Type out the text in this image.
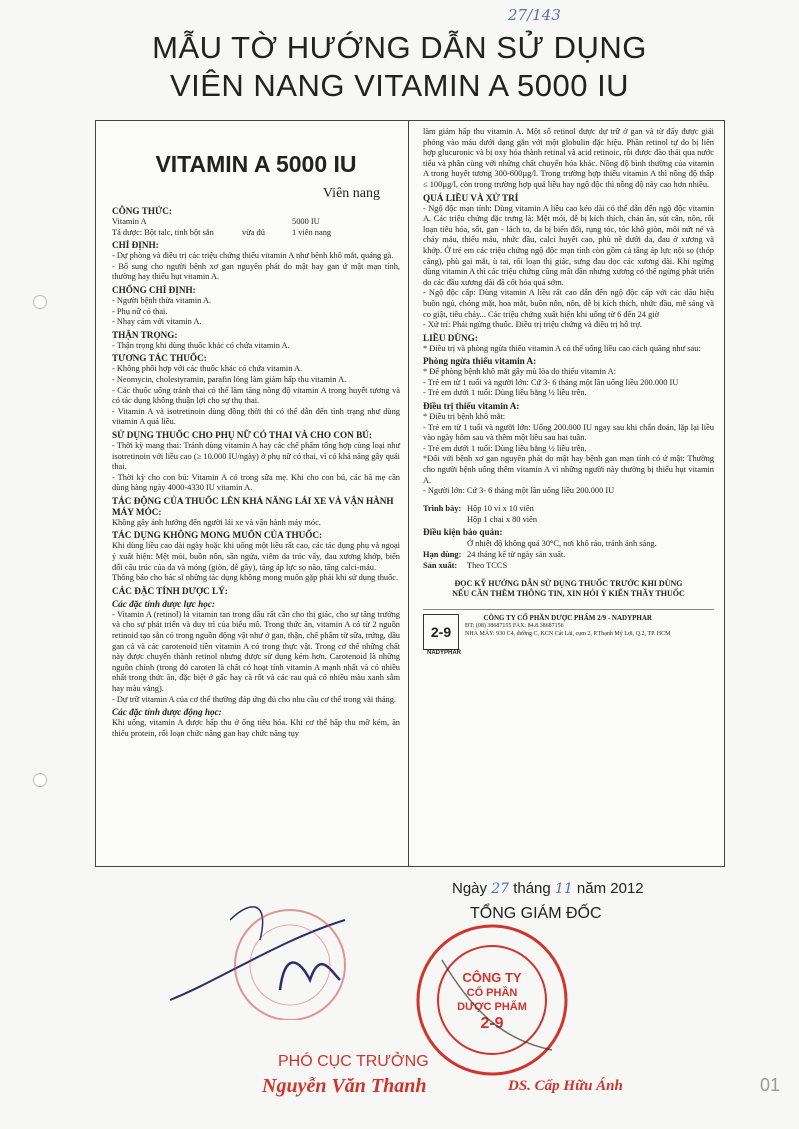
27/143
MẪU TỜ HƯỚNG DẪN SỬ DỤNG
VIÊN NANG VITAMIN A 5000 IU
VITAMIN A 5000 IU
Viên nang
CÔNG THỨC:
Vitamin A	5000 IU
Tá dược: Bột talc, tinh bột sắn	vừa đủ	1 viên nang
CHỈ ĐỊNH:
- Dự phòng và điều trị các triệu chứng thiếu vitamin A như bệnh khô mắt, quáng gà.
- Bổ sung cho người bệnh xơ gan nguyên phát do mật hay gan ứ mật mạn tính, thường hay thiếu hụt vitamin A.
CHỐNG CHỈ ĐỊNH:
- Người bệnh thừa vitamin A.
- Phụ nữ có thai.
- Nhạy cảm với vitamin A.
THẬN TRỌNG:
- Thận trọng khi dùng thuốc khác có chứa vitamin A.
TƯƠNG TÁC THUỐC:
- Không phối hợp với các thuốc khác có chứa vitamin A.
- Neomycin, cholestyramin, parafin lỏng làm giảm hấp thu vitamin A.
- Các thuốc uống tránh thai có thể làm tăng nồng độ vitamin A trong huyết tương và có tác dụng không thuận lợi cho sự thụ thai.
- Vitamin A và isotretinoin dùng đồng thời thì có thể dẫn đến tình trạng như dùng vitamin A quá liều.
SỬ DỤNG THUỐC CHO PHỤ NỮ CÓ THAI VÀ CHO CON BÚ:
- Thời kỳ mang thai: Tránh dùng vitamin A hay các chế phẩm tổng hợp cùng loại như isotretinoin với liều cao (≥ 10.000 IU/ngày) ở phụ nữ có thai, vì có khả năng gây quái thai.
- Thời kỳ cho con bú: Vitamin A có trong sữa mẹ. Khi cho con bú, các bà mẹ cần dùng hàng ngày 4000-4330 IU vitamin A.
TÁC ĐỘNG CỦA THUỐC LÊN KHẢ NĂNG LÁI XE VÀ VẬN HÀNH MÁY MÓC:
Không gây ảnh hưởng đến người lái xe và vận hành máy móc.
TÁC DỤNG KHÔNG MONG MUỐN CỦA THUỐC:
Khi dùng liều cao dài ngày hoặc khi uống một liều rất cao, các tác dụng phụ và ngoại ý xuất hiện: Mệt mỏi, buồn nôn, sần ngứa, viêm da tróc vẩy, đau xương khớp, biến đổi cấu trúc của da và móng (giòn, dễ gãy), tăng áp lực sọ não, tăng calci-máu.
Thông báo cho bác sĩ những tác dụng không mong muốn gặp phải khi sử dụng thuốc.
CÁC ĐẶC TÍNH DƯỢC LÝ:
Các đặc tính dược lực học:
- Vitamin A (retinol) là vitamin tan trong dầu rất cần cho thị giác, cho sự tăng trưởng và cho sự phát triển và duy trì của biểu mô. Trong thức ăn, vitamin A có từ 2 nguồn retinoid tạo sẵn có trong nguồn động vật như ở gan, thận, chế phẩm từ sữa, trứng, dầu gan cá và các carotenoid tiền vitamin A có trong thực vật. Trong cơ thể những chất này được chuyển thành retinol nhưng được sử dụng kém hơn. Carotenoid là những nguồn chính (trong đó caroten là chất có hoạt tính vitamin A mạnh nhất và có nhiều nhất trong thức ăn, đặc biệt ở gấc hay cà rốt và các rau quả có nhiều màu xanh sẫm hay màu vàng).
- Dự trữ vitamin A của cơ thể thường đáp ứng đủ cho nhu cầu cơ thể trong vài tháng.
Các đặc tính dược động học:
Khi uống, vitamin A được hấp thu ở ống tiêu hóa. Khi cơ thể hấp thu mỡ kém, ăn thiếu protein, rối loạn chức năng gan hay chức năng tụy
làm giảm hấp thu vitamin A. Một số retinol được dự trữ ở gan và từ đấy được giải phóng vào máu dưới dạng gắn với một globulin đặc hiệu. Phần retinol tự do bị liên hợp glucuronic và bị oxy hóa thành retinal và acid retinoic, rồi được đào thải qua nước tiểu và phân cùng với những chất chuyển hóa khác. Nồng độ bình thường của vitamin A trong huyết tương 300-600µg/l. Trong trường hợp thiếu vitamin A thì nồng độ thấp ≤ 100µg/l, còn trong trường hợp quá liều hay ngộ độc thì nồng độ này cao hơn nhiều.
QUÁ LIỀU VÀ XỬ TRÍ
- Ngộ độc mạn tính: Dùng vitamin A liều cao kéo dài có thể dẫn đến ngộ độc vitamin A. Các triệu chứng đặc trưng là: Mệt mỏi, dễ bị kích thích, chán ăn, sút cân, nôn, rối loạn tiêu hóa, sốt, gan - lách to, da bị biến đổi, rụng tóc, tóc khô giòn, môi nứt nẻ và chảy máu, thiếu máu, nhức đầu, calci huyết cao, phù nề dưới da, đau ở xương và khớp. Ở trẻ em các triệu chứng ngộ độc mạn tính còn gồm cả tăng áp lực nội sọ (thóp căng), phù gai mắt, ù tai, rối loạn thị giác, sưng đau dọc các xương dài. Khi ngừng dùng vitamin A thì các triệu chứng cũng mất dần nhưng xương có thể ngừng phát triển do các đầu xương dài đã cốt hóa quá sớm.
- Ngộ độc cấp: Dùng vitamin A liều rất cao dẫn đến ngộ độc cấp với các dấu hiệu buồn ngủ, chóng mặt, hoa mắt, buồn nôn, nôn, dễ bị kích thích, nhức đầu, mê sảng và co giật, tiêu chảy... Các triệu chứng xuất hiện khi uống từ 6 đến 24 giờ
- Xử trí: Phải ngừng thuốc. Điều trị triệu chứng và điều trị hỗ trợ.
LIỀU DÙNG:
* Điều trị và phòng ngừa thiếu vitamin A có thể uống liều cao cách quãng như sau:
Phòng ngừa thiếu vitamin A:
* Để phòng bệnh khô mắt gây mù lòa do thiếu vitamin A:
- Trẻ em từ 1 tuổi và người lớn: Cứ 3- 6 tháng một lần uống liều 200.000 IU
- Trẻ em dưới 1 tuổi: Dùng liều bằng ½ liều trên.
Điều trị thiếu vitamin A:
* Điều trị bệnh khô mắt:
- Trẻ em từ 1 tuổi và người lớn: Uống 200.000 IU ngay sau khi chẩn đoán, lặp lại liều vào ngày hôm sau và thêm một liều sau hai tuần.
- Trẻ em dưới 1 tuổi: Dùng liều bằng ½ liều trên.
*Đối với bệnh xơ gan nguyên phát do mật hay bệnh gan mạn tính có ứ mật: Thường cho người bệnh uống thêm vitamin A vì những người này thường bị thiếu hụt vitamin A.
- Người lớn: Cứ 3- 6 tháng một lần uống liều 200.000 IU
Trình bày: Hộp 10 vỉ x 10 viên
Hộp 1 chai x 80 viên
Điều kiện bảo quản:
Ở nhiệt độ không quá 30°C, nơi khô ráo, tránh ánh sáng.
Hạn dùng: 24 tháng kể từ ngày sản xuất.
Sản xuất:	Theo TCCS
ĐỌC KỸ HƯỚNG DẪN SỬ DỤNG THUỐC TRƯỚC KHI DÙNG
NẾU CẦN THÊM THÔNG TIN, XIN HỎI Ý KIẾN THẦY THUỐC
2-9
NADYPHAR
CÔNG TY CỔ PHẦN DƯỢC PHẨM 2/9 - NADYPHAR
ĐT: (08) 38687155 FAX: 84.8.38687156
NHÀ MÁY: 930 C4, đường C, KCN Cát Lái, cụm 2, P.Thạnh Mỹ Lợi, Q.2, TP. HCM
Ngày 27 tháng 11 năm 2012
TỔNG GIÁM ĐỐC
CÔNG TY
CỔ PHẦN
DƯỢC PHẨM
2-9
PHÓ CỤC TRƯỞNG
Nguyễn Văn Thanh	DS. Cấp Hữu Ánh	01
